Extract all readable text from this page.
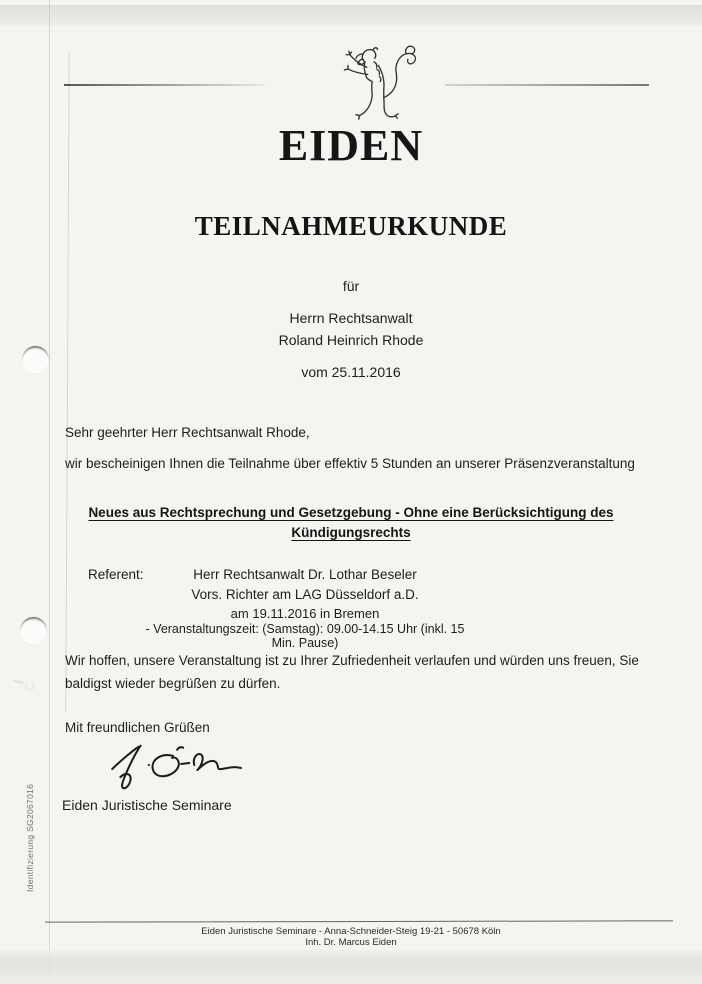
EIDEN
TEILNAHMEURKUNDE
für
Herrn Rechtsanwalt
Roland Heinrich Rhode
vom 25.11.2016
Sehr geehrter Herr Rechtsanwalt Rhode,
wir bescheinigen Ihnen die Teilnahme über effektiv 5 Stunden an unserer Präsenzveranstaltung
Neues aus Rechtsprechung und Gesetzgebung - Ohne eine Berücksichtigung des
Kündigungsrechts
Referent:	Herr Rechtsanwalt Dr. Lothar Beseler
Vors. Richter am LAG Düsseldorf a.D.
am 19.11.2016 in Bremen
- Veranstaltungszeit: (Samstag): 09.00-14.15 Uhr (inkl. 15 Min. Pause)
Wir hoffen, unsere Veranstaltung ist zu Ihrer Zufriedenheit verlaufen und würden uns freuen, Sie
baldigst wieder begrüßen zu dürfen.
Mit freundlichen Grüßen
Eiden Juristische Seminare
Identifizierung SG2067016
Eiden Juristische Seminare - Anna-Schneider-Steig 19-21 - 50678 Köln
Inh. Dr. Marcus Eiden
